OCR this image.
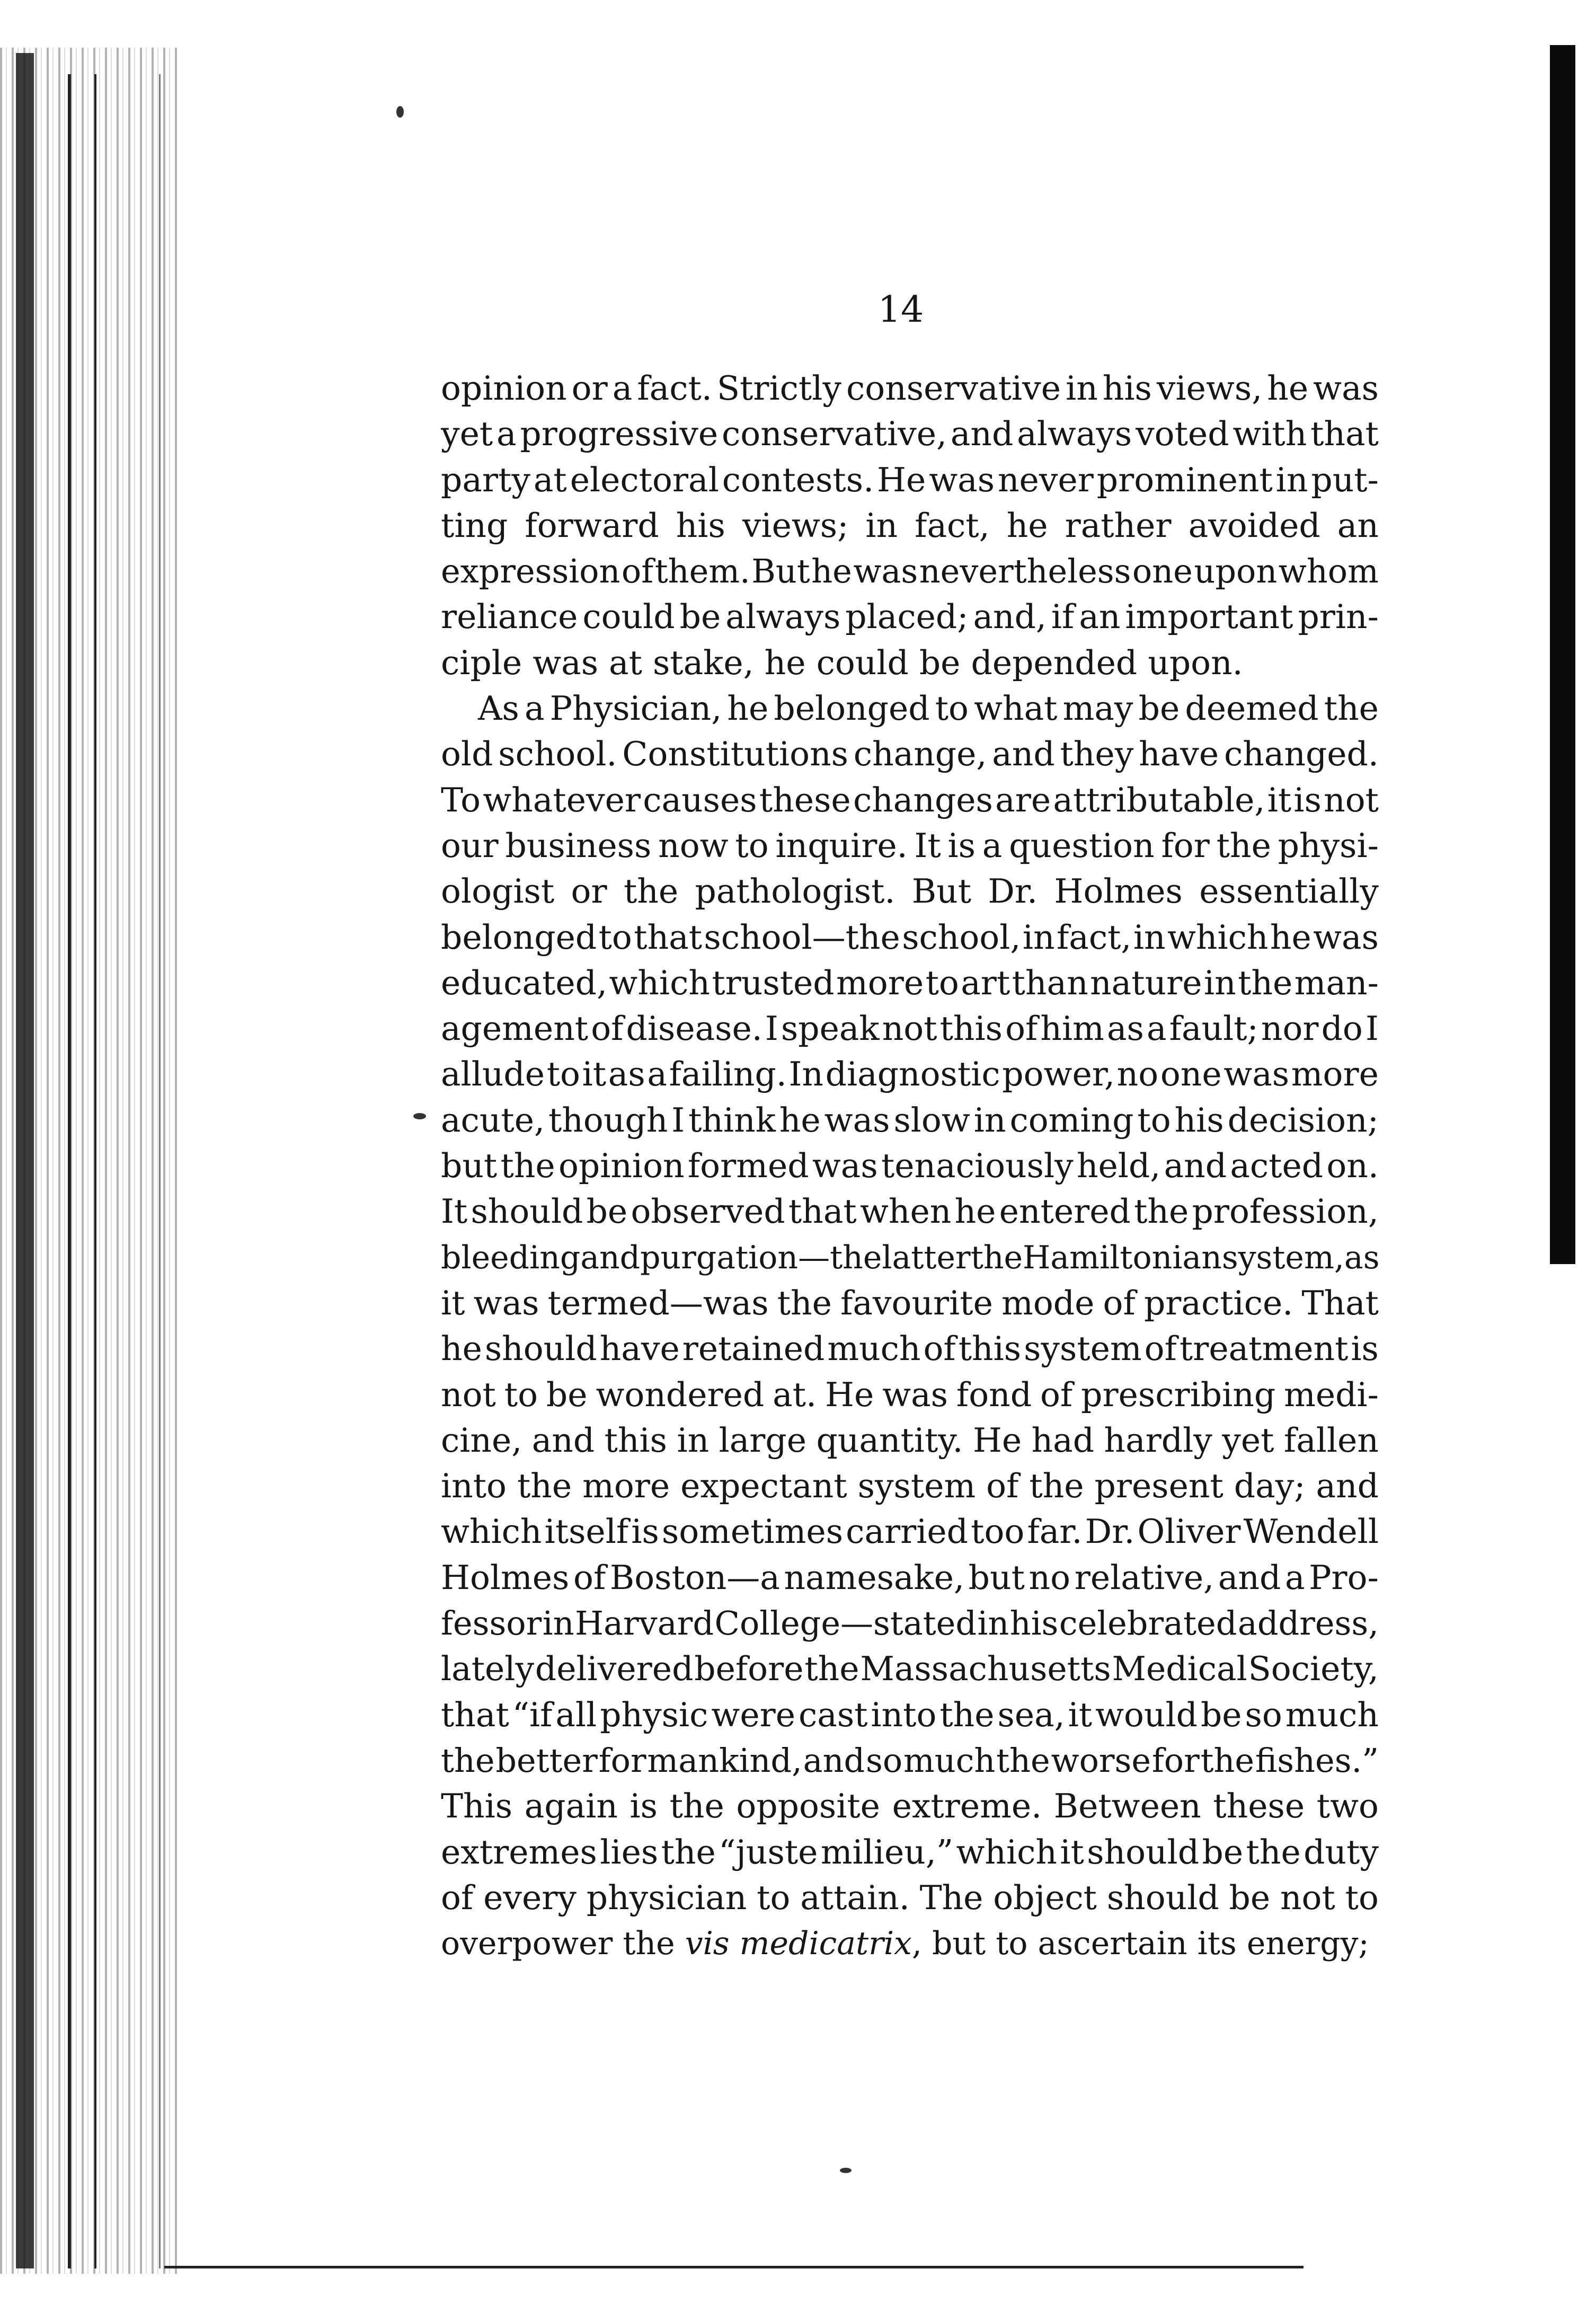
14
opinion or a fact. Strictly conservative in his views, he was
yet a progressive conservative, and always voted with that
party at electoral contests. He was never prominent in put-
ting forward his views; in fact, he rather avoided an
expression of them. But he was nevertheless one upon whom
reliance could be always placed; and, if an important prin-
ciple was at stake, he could be depended upon.
As a Physician, he belonged to what may be deemed the
old school. Constitutions change, and they have changed.
To whatever causes these changes are attributable, it is not
our business now to inquire. It is a question for the physi-
ologist or the pathologist. But Dr. Holmes essentially
belonged to that school—the school, in fact, in which he was
educated, which trusted more to art than nature in the man-
agement of disease. I speak not this of him as a fault; nor do I
allude to it as a failing. In diagnostic power, no one was more
acute, though I think he was slow in coming to his decision;
but the opinion formed was tenaciously held, and acted on.
It should be observed that when he entered the profession,
bleeding and purgation—the latter the Hamiltonian system, as
it was termed—was the favourite mode of practice. That
he should have retained much of this system of treatment is
not to be wondered at. He was fond of prescribing medi-
cine, and this in large quantity. He had hardly yet fallen
into the more expectant system of the present day; and
which itself is sometimes carried too far. Dr. Oliver Wendell
Holmes of Boston—a namesake, but no relative, and a Pro-
fessor in Harvard College—stated in his celebrated address,
lately delivered before the Massachusetts Medical Society,
that “if all physic were cast into the sea, it would be so much
the better for mankind, and so much the worse for the fishes.”
This again is the opposite extreme. Between these two
extremes lies the “juste milieu,” which it should be the duty
of every physician to attain. The object should be not to
overpower the vis medicatrix , but to ascertain its energy;
